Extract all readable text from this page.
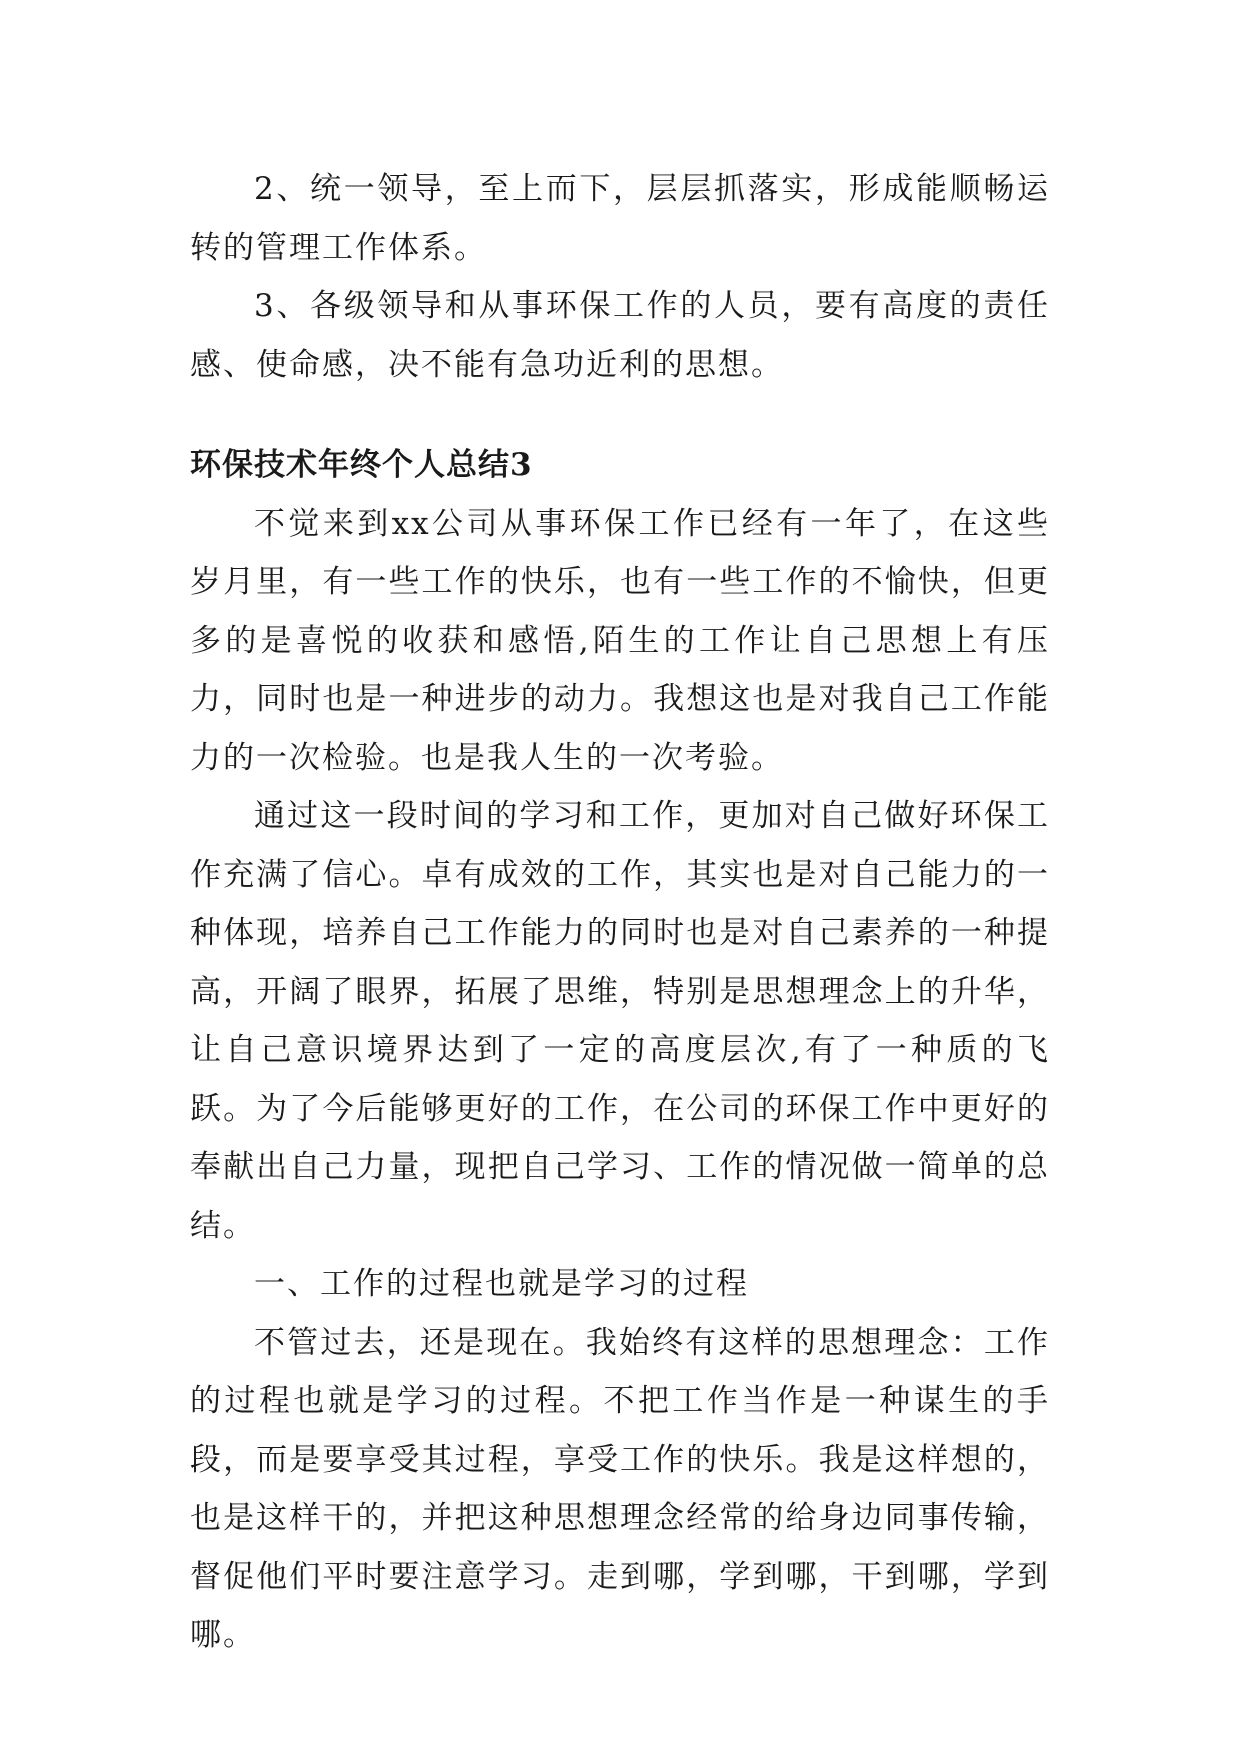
2、统一领导，至上而下，层层抓落实，形成能顺畅运转的管理工作体系。

3、各级领导和从事环保工作的人员，要有高度的责任感、使命感，决不能有急功近利的思想。

环保技术年终个人总结3

不觉来到xx公司从事环保工作已经有一年了，在这些岁月里，有一些工作的快乐，也有一些工作的不愉快，但更多的是喜悦的收获和感悟,陌生的工作让自己思想上有压力，同时也是一种进步的动力。我想这也是对我自己工作能力的一次检验。也是我人生的一次考验。

通过这一段时间的学习和工作，更加对自己做好环保工作充满了信心。卓有成效的工作，其实也是对自己能力的一种体现，培养自己工作能力的同时也是对自己素养的一种提高，开阔了眼界，拓展了思维，特别是思想理念上的升华，让自己意识境界达到了一定的高度层次,有了一种质的飞跃。为了今后能够更好的工作，在公司的环保工作中更好的奉献出自己力量，现把自己学习、工作的情况做一简单的总结。

一、工作的过程也就是学习的过程

不管过去，还是现在。我始终有这样的思想理念：工作的过程也就是学习的过程。不把工作当作是一种谋生的手段，而是要享受其过程，享受工作的快乐。我是这样想的，也是这样干的，并把这种思想理念经常的给身边同事传输，督促他们平时要注意学习。走到哪，学到哪，干到哪，学到哪。
